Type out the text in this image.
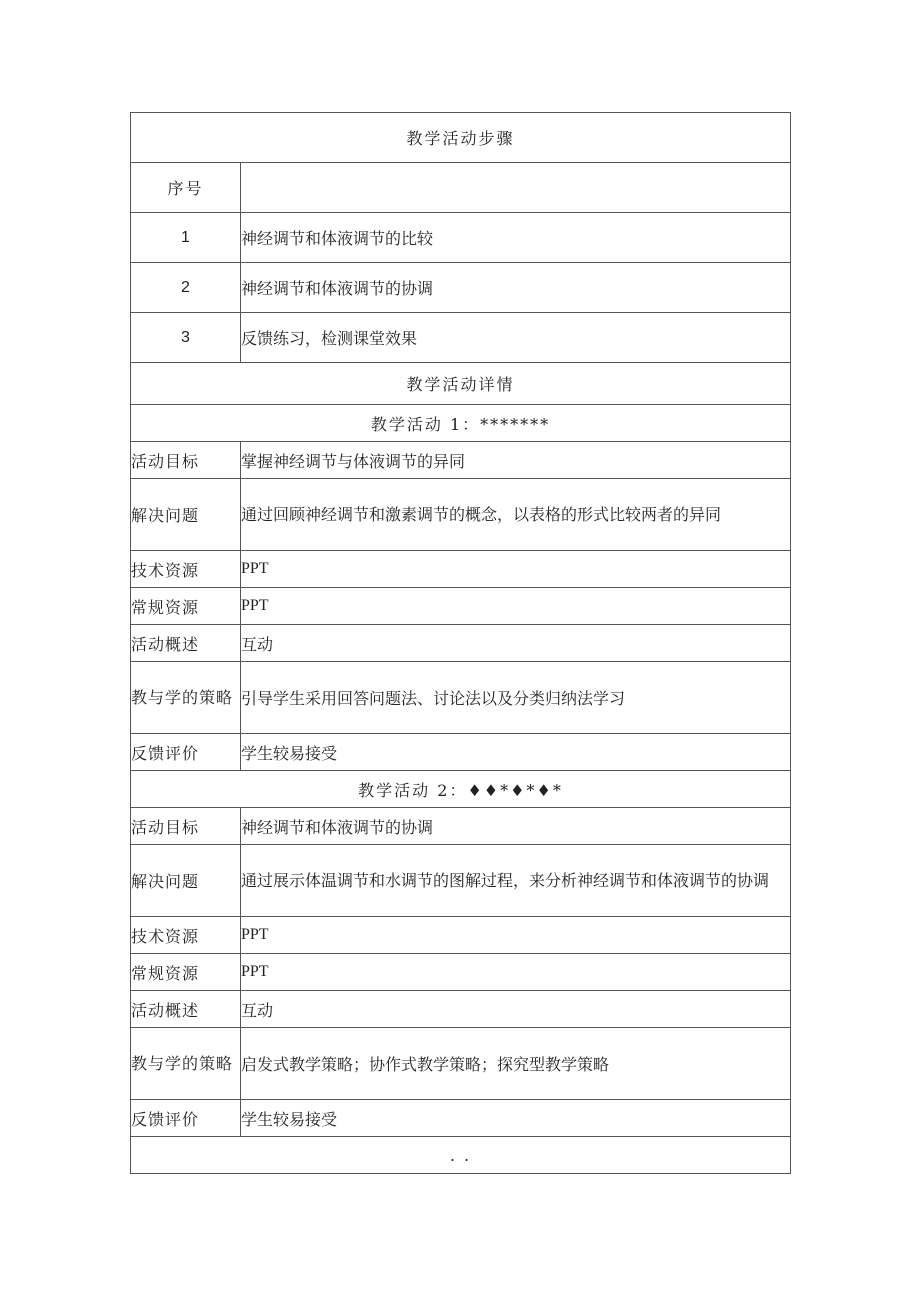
教学活动步骤	
序号	
1	神经调节和体液调节的比较
2	神经调节和体液调节的协调
3	反馈练习，检测课堂效果
教学活动详情	
教学活动 1：*******	
活动目标	掌握神经调节与体液调节的异同
解决问题	通过回顾神经调节和激素调节的概念，以表格的形式比较两者的异同
技术资源	PPT
常规资源	PPT
活动概述	互动
教与学的策略	引导学生采用回答问题法、讨论法以及分类归纳法学习
反馈评价	学生较易接受
教学活动 2：♦♦*♦*♦*	
活动目标	神经调节和体液调节的协调
解决问题	通过展示体温调节和水调节的图解过程，来分析神经调节和体液调节的协调
技术资源	PPT
常规资源	PPT
活动概述	互动
教与学的策略	启发式教学策略；协作式教学策略；探究型教学策略
反馈评价	学生较易接受
. .	
